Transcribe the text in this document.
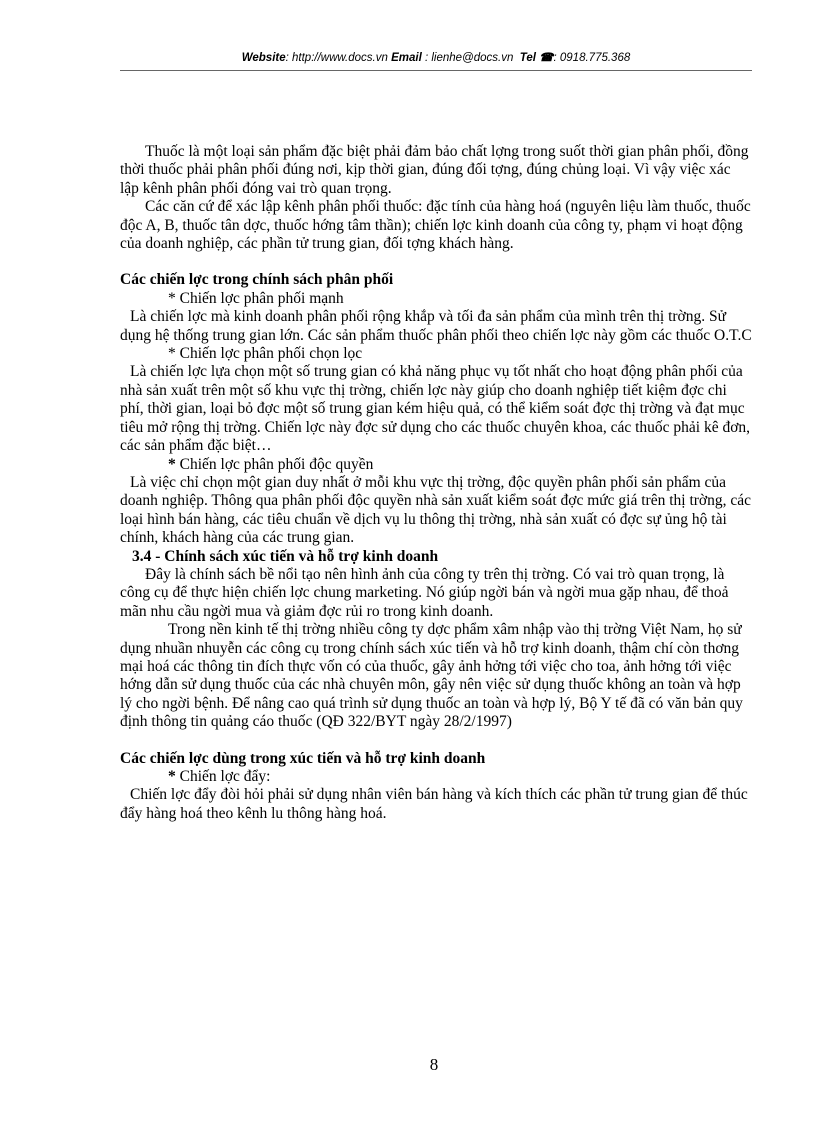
Website: http://www.docs.vn Email : lienhe@docs.vn Tel ☎: 0918.775.368

Thuốc là một loại sản phẩm đặc biệt phải đảm bảo chất lợng trong suốt thời gian phân phối, đồng thời thuốc phải phân phối đúng nơi, kịp thời gian, đúng đối tợng, đúng chủng loại. Vì vậy việc xác lập kênh phân phối đóng vai trò quan trọng.

Các căn cứ để xác lập kênh phân phối thuốc: đặc tính của hàng hoá (nguyên liệu làm thuốc, thuốc độc A, B, thuốc tân dợc, thuốc hớng tâm thần); chiến lợc kinh doanh của công ty, phạm vi hoạt động của doanh nghiệp, các phần tử trung gian, đối tợng khách hàng.

Các chiến lợc trong chính sách phân phối

* Chiến lợc phân phối mạnh

Là chiến lợc mà kinh doanh phân phối rộng khắp và tối đa sản phẩm của mình trên thị trờng. Sử dụng hệ thống trung gian lớn. Các sản phẩm thuốc phân phối theo chiến lợc này gồm các thuốc O.T.C

* Chiến lợc phân phối chọn lọc

Là chiến lợc lựa chọn một số trung gian có khả năng phục vụ tốt nhất cho hoạt động phân phối của nhà sản xuất trên một số khu vực thị trờng, chiến lợc này giúp cho doanh nghiệp tiết kiệm đợc chi phí, thời gian, loại bỏ đợc một số trung gian kém hiệu quả, có thể kiểm soát đợc thị trờng và đạt mục tiêu mở rộng thị trờng. Chiến lợc này đợc sử dụng cho các thuốc chuyên khoa, các thuốc phải kê đơn, các sản phẩm đặc biệt…

* Chiến lợc phân phối độc quyền

Là việc chỉ chọn một gian duy nhất ở mỗi khu vực thị trờng, độc quyền phân phối sản phẩm của doanh nghiệp. Thông qua phân phối độc quyền nhà sản xuất kiểm soát đợc mức giá trên thị trờng, các loại hình bán hàng, các tiêu chuẩn về dịch vụ lu thông thị trờng, nhà sản xuất có đợc sự ủng hộ tài chính, khách hàng của các trung gian.

3.4 - Chính sách xúc tiến và hỗ trợ kinh doanh

Đây là chính sách bề nổi tạo nên hình ảnh của công ty trên thị trờng. Có vai trò quan trọng, là công cụ để thực hiện chiến lợc chung marketing. Nó giúp ngời bán và ngời mua gặp nhau, để thoả mãn nhu cầu ngời mua và giảm đợc rủi ro trong kinh doanh.

Trong nền kinh tế thị trờng nhiều công ty dợc phẩm xâm nhập vào thị trờng Việt Nam, họ sử dụng nhuần nhuyễn các công cụ trong chính sách xúc tiến và hỗ trợ kinh doanh, thậm chí còn thơng mại hoá các thông tin đích thực vốn có của thuốc, gây ảnh hởng tới việc cho toa, ảnh hởng tới việc hớng dẫn sử dụng thuốc của các nhà chuyên môn, gây nên việc sử dụng thuốc không an toàn và hợp lý cho ngời bệnh. Để nâng cao quá trình sử dụng thuốc an toàn và hợp lý, Bộ Y tế đã có văn bản quy định thông tin quảng cáo thuốc (QĐ 322/BYT ngày 28/2/1997)

Các chiến lợc dùng trong xúc tiến và hỗ trợ kinh doanh

* Chiến lợc đẩy:

Chiến lợc đẩy đòi hỏi phải sử dụng nhân viên bán hàng và kích thích các phần tử trung gian để thúc đẩy hàng hoá theo kênh lu thông hàng hoá.

8
